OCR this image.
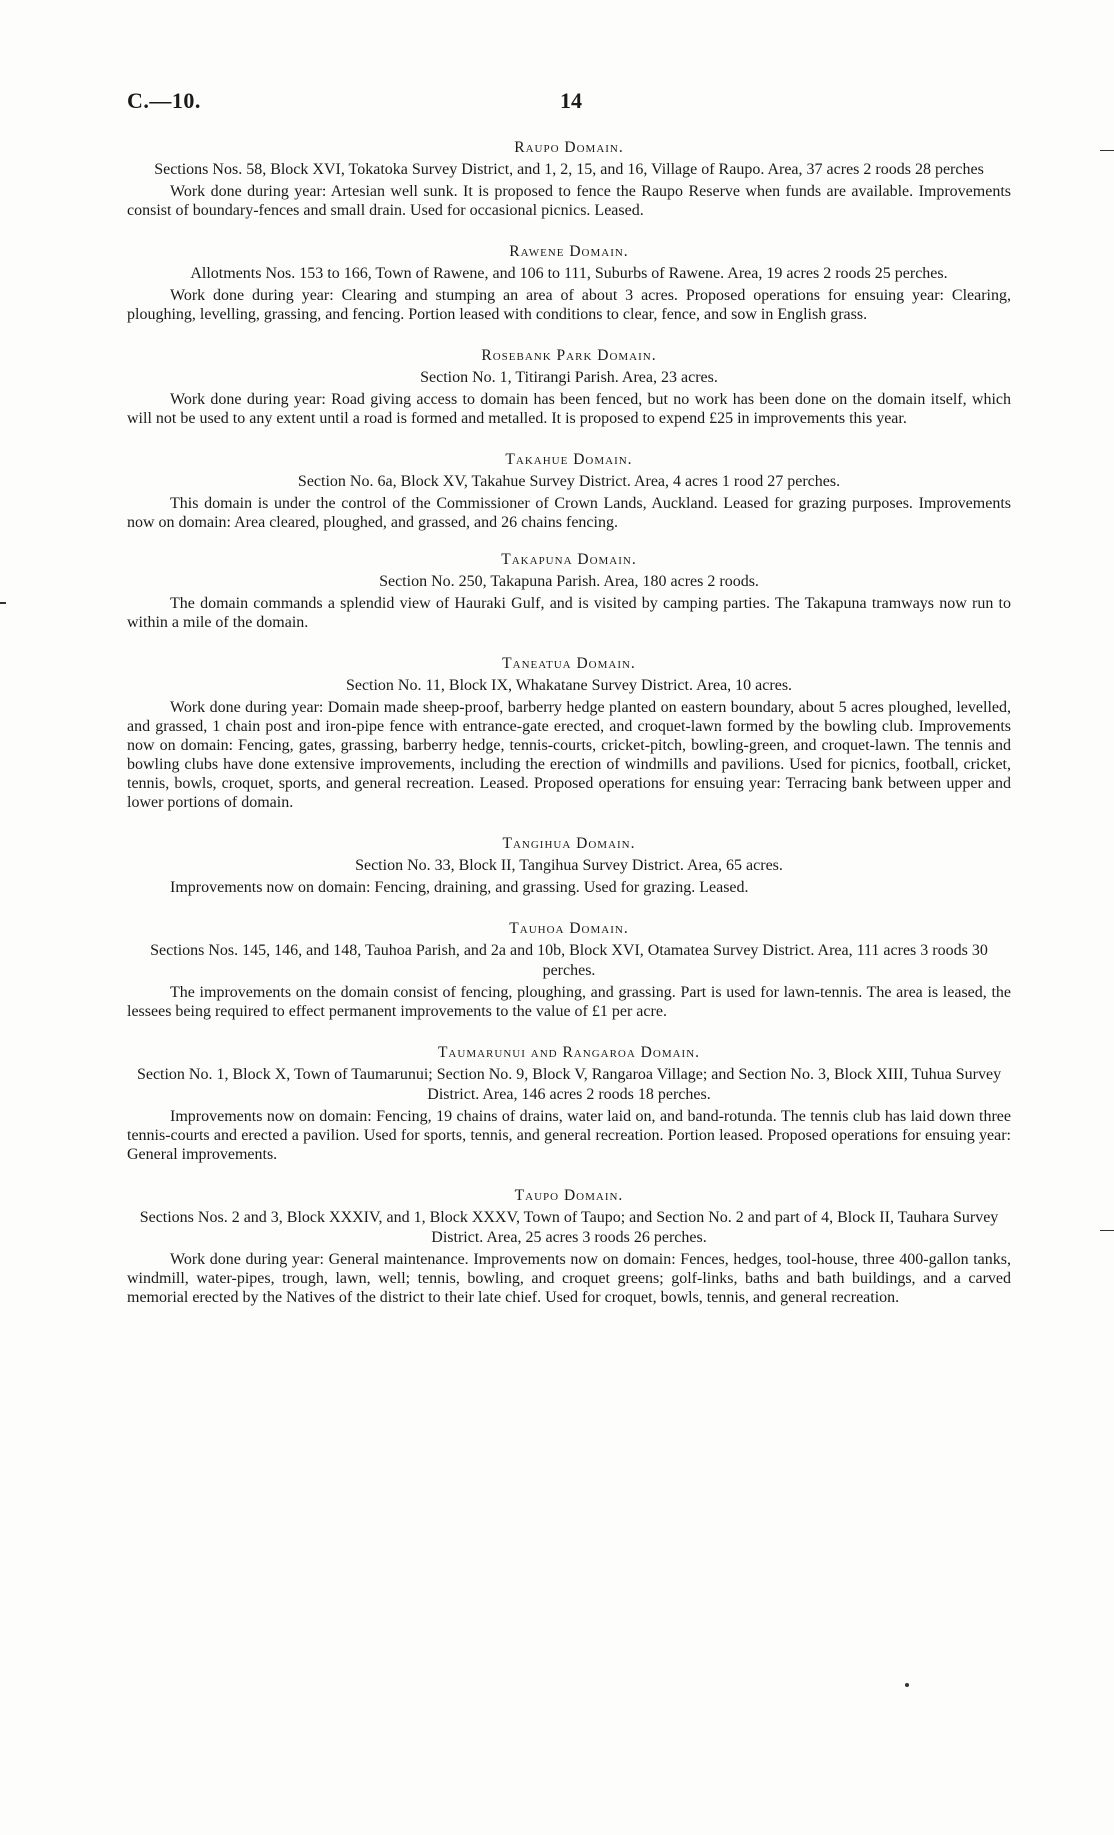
C.—10.	14
Raupo Domain.
Sections Nos. 58, Block XVI, Tokatoka Survey District, and 1, 2, 15, and 16, Village of Raupo. Area, 37 acres 2 roods 28 perches

Work done during year: Artesian well sunk. It is proposed to fence the Raupo Reserve when funds are available. Improvements consist of boundary-fences and small drain. Used for occasional picnics. Leased.

Rawene Domain.
Allotments Nos. 153 to 166, Town of Rawene, and 106 to 111, Suburbs of Rawene. Area, 19 acres 2 roods 25 perches.

Work done during year: Clearing and stumping an area of about 3 acres. Proposed operations for ensuing year: Clearing, ploughing, levelling, grassing, and fencing. Portion leased with conditions to clear, fence, and sow in English grass.

Rosebank Park Domain.
Section No. 1, Titirangi Parish. Area, 23 acres.

Work done during year: Road giving access to domain has been fenced, but no work has been done on the domain itself, which will not be used to any extent until a road is formed and metalled. It is proposed to expend £25 in improvements this year.

Takahue Domain.
Section No. 6a, Block XV, Takahue Survey District. Area, 4 acres 1 rood 27 perches.

This domain is under the control of the Commissioner of Crown Lands, Auckland. Leased for grazing purposes. Improvements now on domain: Area cleared, ploughed, and grassed, and 26 chains fencing.

Takapuna Domain.
Section No. 250, Takapuna Parish. Area, 180 acres 2 roods.

The domain commands a splendid view of Hauraki Gulf, and is visited by camping parties. The Takapuna tramways now run to within a mile of the domain.

Taneatua Domain.
Section No. 11, Block IX, Whakatane Survey District. Area, 10 acres.

Work done during year: Domain made sheep-proof, barberry hedge planted on eastern boundary, about 5 acres ploughed, levelled, and grassed, 1 chain post and iron-pipe fence with entrance-gate erected, and croquet-lawn formed by the bowling club. Improvements now on domain: Fencing, gates, grassing, barberry hedge, tennis-courts, cricket-pitch, bowling-green, and croquet-lawn. The tennis and bowling clubs have done extensive improvements, including the erection of windmills and pavilions. Used for picnics, football, cricket, tennis, bowls, croquet, sports, and general recreation. Leased. Proposed operations for ensuing year: Terracing bank between upper and lower portions of domain.

Tangihua Domain.
Section No. 33, Block II, Tangihua Survey District. Area, 65 acres.

Improvements now on domain: Fencing, draining, and grassing. Used for grazing. Leased.

Tauhoa Domain.
Sections Nos. 145, 146, and 148, Tauhoa Parish, and 2a and 10b, Block XVI, Otamatea Survey District. Area, 111 acres 3 roods 30 perches.

The improvements on the domain consist of fencing, ploughing, and grassing. Part is used for lawn-tennis. The area is leased, the lessees being required to effect permanent improvements to the value of £1 per acre.

Taumarunui and Rangaroa Domain.
Section No. 1, Block X, Town of Taumarunui; Section No. 9, Block V, Rangaroa Village; and Section No. 3, Block XIII, Tuhua Survey District. Area, 146 acres 2 roods 18 perches.

Improvements now on domain: Fencing, 19 chains of drains, water laid on, and band-rotunda. The tennis club has laid down three tennis-courts and erected a pavilion. Used for sports, tennis, and general recreation. Portion leased. Proposed operations for ensuing year: General improvements.

Taupo Domain.
Sections Nos. 2 and 3, Block XXXIV, and 1, Block XXXV, Town of Taupo; and Section No. 2 and part of 4, Block II, Tauhara Survey District. Area, 25 acres 3 roods 26 perches.

Work done during year: General maintenance. Improvements now on domain: Fences, hedges, tool-house, three 400-gallon tanks, windmill, water-pipes, trough, lawn, well; tennis, bowling, and croquet greens; golf-links, baths and bath buildings, and a carved memorial erected by the Natives of the district to their late chief. Used for croquet, bowls, tennis, and general recreation.
